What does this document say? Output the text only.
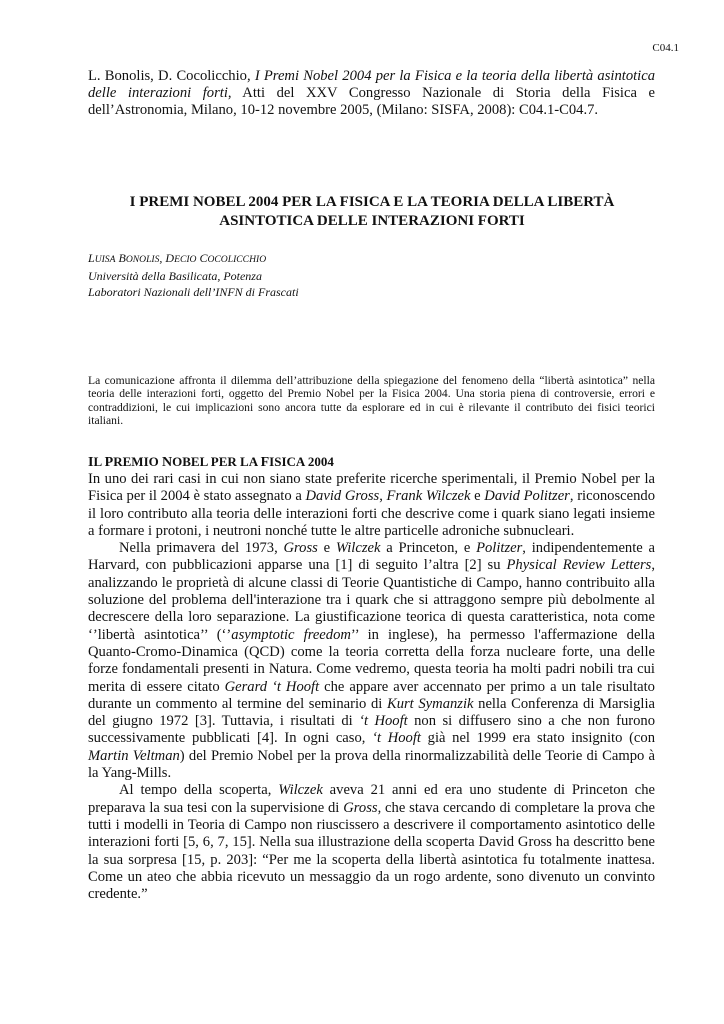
C04.1
L. Bonolis, D. Cocolicchio, I Premi Nobel 2004 per la Fisica e la teoria della libertà asintotica delle interazioni forti, Atti del XXV Congresso Nazionale di Storia della Fisica e dell’Astronomia, Milano, 10-12 novembre 2005, (Milano: SISFA, 2008): C04.1-C04.7.
I PREMI NOBEL 2004 PER LA FISICA E LA TEORIA DELLA LIBERTÀ
ASINTOTICA DELLE INTERAZIONI FORTI
LUISA BONOLIS, DECIO COCOLICCHIO
Università della Basilicata, Potenza
Laboratori Nazionali dell’INFN di Frascati
La comunicazione affronta il dilemma dell’attribuzione della spiegazione del fenomeno della “libertà asintotica” nella teoria delle interazioni forti, oggetto del Premio Nobel per la Fisica 2004. Una storia piena di controversie, errori e contraddizioni, le cui implicazioni sono ancora tutte da esplorare ed in cui è rilevante il contributo dei fisici teorici italiani.
IL PREMIO NOBEL PER LA FISICA 2004

In uno dei rari casi in cui non siano state preferite ricerche sperimentali, il Premio Nobel per la Fisica per il 2004 è stato assegnato a David Gross, Frank Wilczek e David Politzer, riconoscendo il loro contributo alla teoria delle interazioni forti che descrive come i quark siano legati insieme a formare i protoni, i neutroni nonché tutte le altre particelle adroniche subnucleari.

Nella primavera del 1973, Gross e Wilczek a Princeton, e Politzer, indipendentemente a Harvard, con pubblicazioni apparse una [1] di seguito l’altra [2] su Physical Review Letters, analizzando le proprietà di alcune classi di Teorie Quantistiche di Campo, hanno contribuito alla soluzione del problema dell'interazione tra i quark che si attraggono sempre più debolmente al decrescere della loro separazione. La giustificazione teorica di questa caratteristica, nota come ‘’libertà asintotica’’ (‘’asymptotic freedom’’ in inglese), ha permesso l'affermazione della Quanto-Cromo-Dinamica (QCD) come la teoria corretta della forza nucleare forte, una delle forze fondamentali presenti in Natura. Come vedremo, questa teoria ha molti padri nobili tra cui merita di essere citato Gerard ‘t Hooft che appare aver accennato per primo a un tale risultato durante un commento al termine del seminario di Kurt Symanzik nella Conferenza di Marsiglia del giugno 1972 [3]. Tuttavia, i risultati di ‘t Hooft non si diffusero sino a che non furono successivamente pubblicati [4]. In ogni caso, ‘t Hooft già nel 1999 era stato insignito (con Martin Veltman) del Premio Nobel per la prova della rinormalizzabilità delle Teorie di Campo à la Yang-Mills.

Al tempo della scoperta, Wilczek aveva 21 anni ed era uno studente di Princeton che preparava la sua tesi con la supervisione di Gross, che stava cercando di completare la prova che tutti i modelli in Teoria di Campo non riuscissero a descrivere il comportamento asintotico delle interazioni forti [5, 6, 7, 15]. Nella sua illustrazione della scoperta David Gross ha descritto bene la sua sorpresa [15, p. 203]: “Per me la scoperta della libertà asintotica fu totalmente inattesa. Come un ateo che abbia ricevuto un messaggio da un rogo ardente, sono divenuto un convinto credente.”
